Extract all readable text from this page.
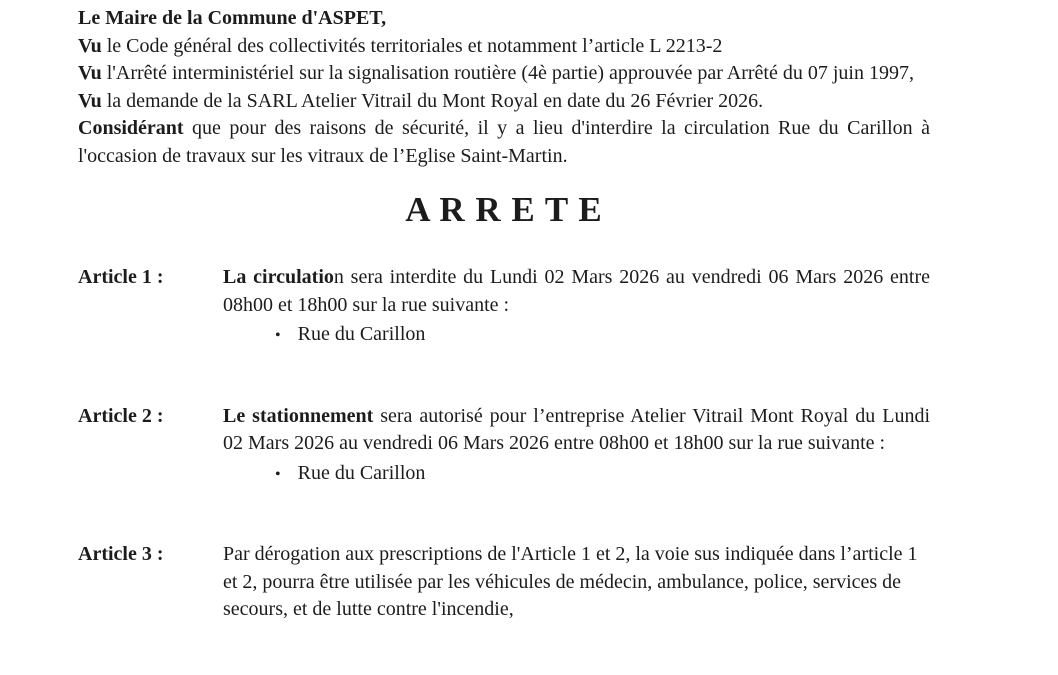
Le Maire de la Commune d'ASPET,

Vu le Code général des collectivités territoriales et notamment l’article L 2213-2

Vu l'Arrêté interministériel sur la signalisation routière (4è partie) approuvée par Arrêté du 07 juin 1997,

Vu la demande de la SARL Atelier Vitrail du Mont Royal en date du 26 Février 2026.

Considérant que pour des raisons de sécurité, il y a lieu d'interdire la circulation Rue du Carillon à l'occasion de travaux sur les vitraux de l’Eglise Saint-Martin.

A R R E T E
Article 1 :	La circulation sera interdite du Lundi 02 Mars 2026 au vendredi 06 Mars 2026 entre 08h00 et 18h00 sur la rue suivante :

• Rue du Carillon
Article 2 :	Le stationnement sera autorisé pour l’entreprise Atelier Vitrail Mont Royal du Lundi 02 Mars 2026 au vendredi 06 Mars 2026 entre 08h00 et 18h00 sur la rue suivante :

• Rue du Carillon
Article 3 :	Par dérogation aux prescriptions de l'Article 1 et 2, la voie sus indiquée dans l’article 1 et 2, pourra être utilisée par les véhicules de médecin, ambulance, police, services de secours, et de lutte contre l'incendie,
